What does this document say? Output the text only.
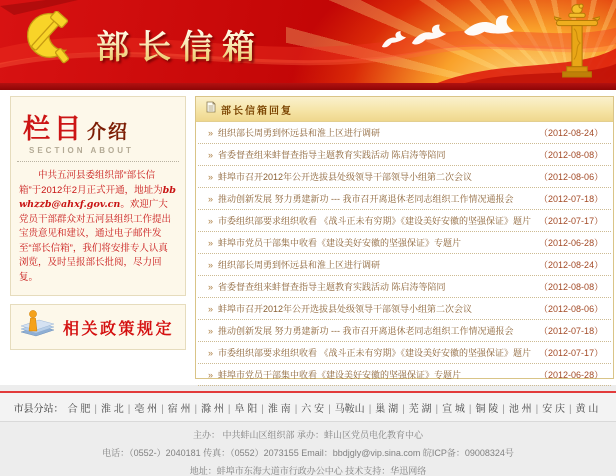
部长信箱
栏目 介绍
SECTION ABOUT

　　中共五河县委组织部“部长信箱”于2012年2月正式开通，地址为bbwhzzb@ahxf.gov.cn。欢迎广大党员干部群众对五河县组织工作提出宝贵意见和建议，通过电子邮件发至“部长信箱”，我们将安排专人认真浏览，及时呈报部长批阅，尽力回复。

相关政策规定
部长信箱回复
» 组织部长周勇到怀远县和淮上区进行调研	（2012-08-24）
» 省委督查组来蚌督查指导主题教育实践活动 陈启涛等陪同	（2012-08-08）
» 蚌埠市召开2012年公开选拔县处级领导干部领导小组第二次会议	（2012-08-06）
» 推动创新发展 努力勇建新功 --- 我市召开离退休老同志组织工作情况通报会	（2012-07-18）
» 市委组织部要求组织收看 《战斗正未有穷期》《建设美好安徽的坚强保证》题片 （2012-07-17）
» 蚌埠市党员干部集中收看《建设美好安徽的坚强保证》专题片	（2012-06-28）
» 组织部长周勇到怀远县和淮上区进行调研	（2012-08-24）
» 省委督查组来蚌督查指导主题教育实践活动 陈启涛等陪同	（2012-08-08）
» 蚌埠市召开2012年公开选拔县处级领导干部领导小组第二次会议	（2012-08-06）
» 推动创新发展 努力勇建新功 --- 我市召开离退休老同志组织工作情况通报会	（2012-07-18）
» 市委组织部要求组织收看 《战斗正未有穷期》《建设美好安徽的坚强保证》题片 （2012-07-17）
» 蚌埠市党员干部集中收看《建设美好安徽的坚强保证》专题片	（2012-06-28）
市县分站： 合 肥 | 淮 北 | 亳 州 | 宿 州 | 滁 州 | 阜 阳 | 淮 南 | 六 安 | 马鞍山 | 巢 湖 | 芜 湖 | 宣 城 | 铜 陵 | 池 州 | 安 庆 | 黄 山
主办： 中共蚌山区组织部 承办：蚌山区党员电化教育中心
电话：（0552-）2040181 传真：（0552）2073155 Email：bbdjgly@vip.sina.com 皖ICP备：09008324号
地址：蚌埠市东海大道市行政办公中心 技术支持：华迅网络
